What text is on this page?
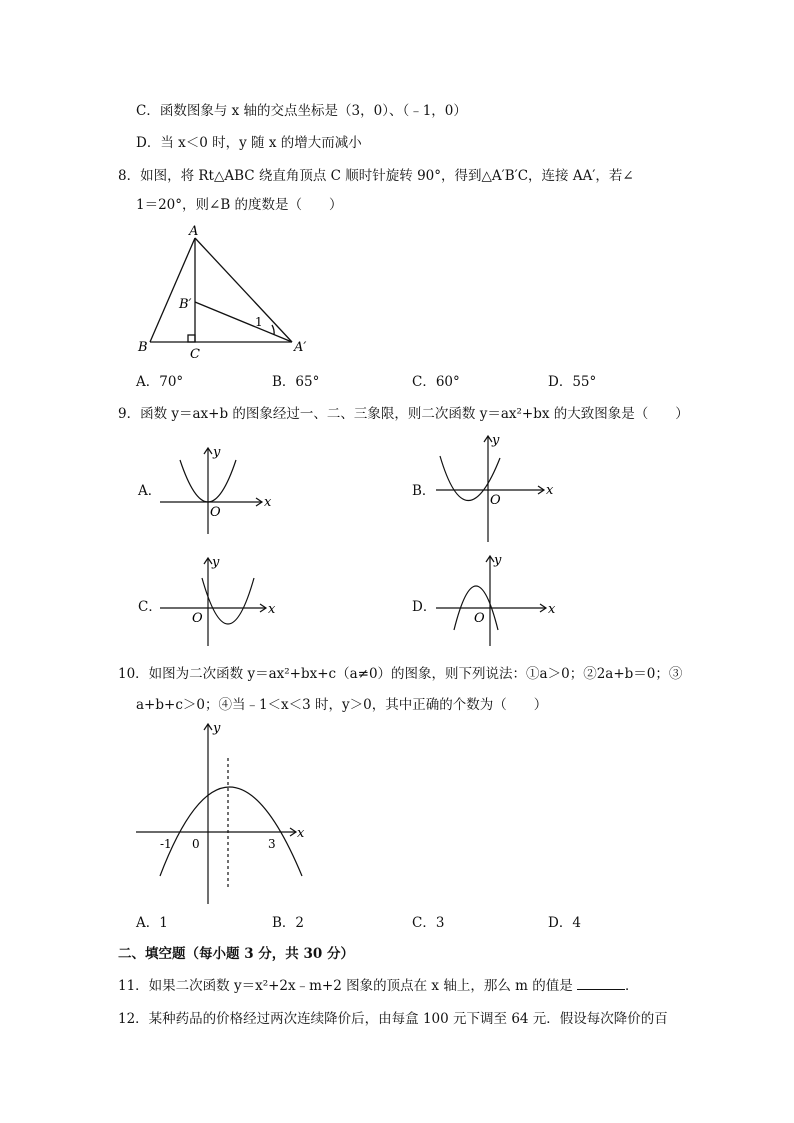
C．函数图象与 x 轴的交点坐标是（3，0）、（﹣1，0）
D．当 x＜0 时，y 随 x 的增大而减小
8．如图，将 Rt△ABC 绕直角顶点 C 顺时针旋转 90°，得到△A′B′C，连接 AA′，若∠
1＝20°，则∠B 的度数是（　　）
A
B
B′
C	A′
1
A．70°	B．65°	C．60°	D．55°
9．函数 y＝ax+b 的图象经过一、二、三象限，则二次函数 y＝ax²+bx 的大致图象是（　　）
A．
x
y
O
B．	x
y
O
C．	x
y
O
D．	x
y
O
10．如图为二次函数 y＝ax²+bx+c（a≠0）的图象，则下列说法：①a＞0；②2a+b＝0；③
a+b+c＞0；④当﹣1＜x＜3 时，y＞0，其中正确的个数为（　　）
x
y
-1 0	3
A．1	B．2	C．3	D．4
二、填空题（每小题 3 分，共 30 分）
11．如果二次函数 y＝x²+2x﹣m+2 图象的顶点在 x 轴上，那么 m 的值是	．
12．某种药品的价格经过两次连续降价后，由每盒 100 元下调至 64 元．假设每次降价的百
